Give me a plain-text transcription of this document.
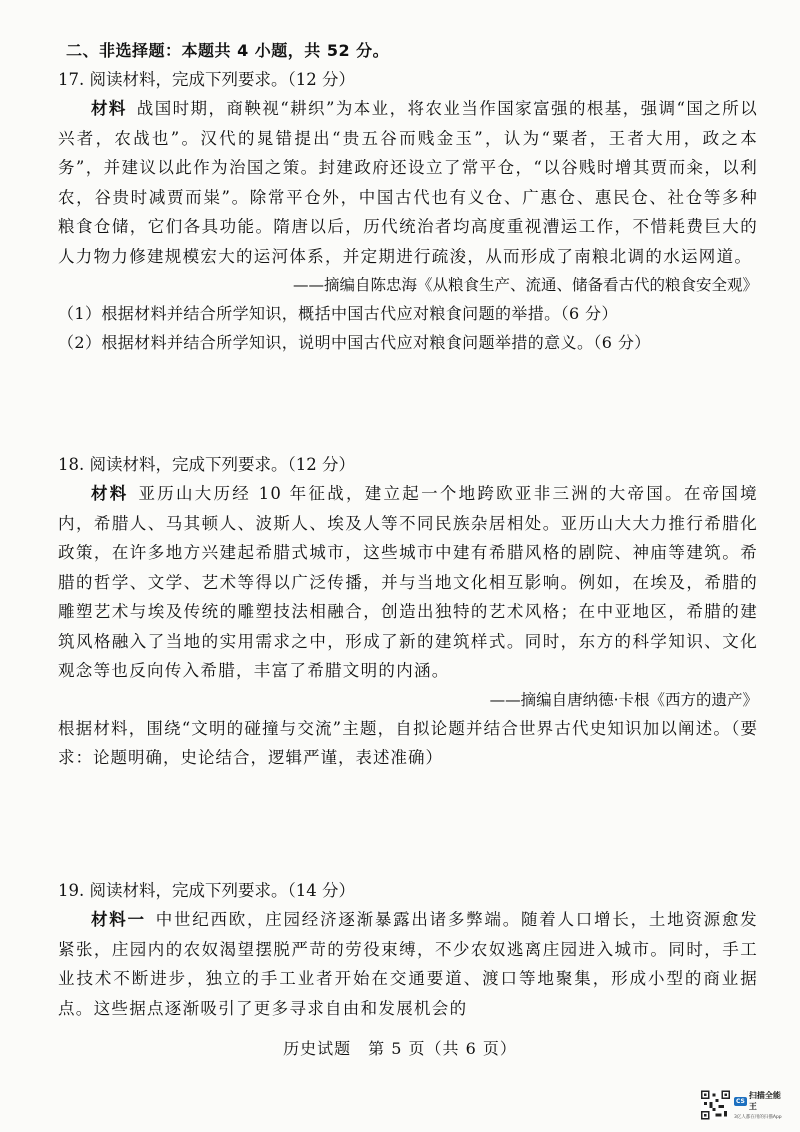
二、非选择题：本题共 4 小题，共 52 分。
17. 阅读材料，完成下列要求。（12 分）
材料 战国时期，商鞅视“耕织”为本业，将农业当作国家富强的根基，强调“国之所以兴者，农战也”。汉代的晁错提出“贵五谷而贱金玉”，认为“粟者，王者大用，政之本务”，并建议以此作为治国之策。封建政府还设立了常平仓，“以谷贱时增其贾而籴，以利农，谷贵时减贾而粜”。除常平仓外，中国古代也有义仓、广惠仓、惠民仓、社仓等多种粮食仓储，它们各具功能。隋唐以后，历代统治者均高度重视漕运工作，不惜耗费巨大的人力物力修建规模宏大的运河体系，并定期进行疏浚，从而形成了南粮北调的水运网道。
——摘编自陈忠海《从粮食生产、流通、储备看古代的粮食安全观》
（1）根据材料并结合所学知识，概括中国古代应对粮食问题的举措。（6 分）
（2）根据材料并结合所学知识，说明中国古代应对粮食问题举措的意义。（6 分）
18. 阅读材料，完成下列要求。（12 分）
材料 亚历山大历经 10 年征战，建立起一个地跨欧亚非三洲的大帝国。在帝国境内，希腊人、马其顿人、波斯人、埃及人等不同民族杂居相处。亚历山大大力推行希腊化政策，在许多地方兴建起希腊式城市，这些城市中建有希腊风格的剧院、神庙等建筑。希腊的哲学、文学、艺术等得以广泛传播，并与当地文化相互影响。例如，在埃及，希腊的雕塑艺术与埃及传统的雕塑技法相融合，创造出独特的艺术风格；在中亚地区，希腊的建筑风格融入了当地的实用需求之中，形成了新的建筑样式。同时，东方的科学知识、文化观念等也反向传入希腊，丰富了希腊文明的内涵。
——摘编自唐纳德·卡根《西方的遗产》
根据材料，围绕“文明的碰撞与交流”主题，自拟论题并结合世界古代史知识加以阐述。（要求：论题明确，史论结合，逻辑严谨，表述准确）
19. 阅读材料，完成下列要求。（14 分）
材料一 中世纪西欧，庄园经济逐渐暴露出诸多弊端。随着人口增长，土地资源愈发紧张，庄园内的农奴渴望摆脱严苛的劳役束缚，不少农奴逃离庄园进入城市。同时，手工业技术不断进步，独立的手工业者开始在交通要道、渡口等地聚集，形成小型的商业据点。这些据点逐渐吸引了更多寻求自由和发展机会的
历史试题　第 5 页（共 6 页）
CS
扫描全能王
3亿人都在用的扫描App
